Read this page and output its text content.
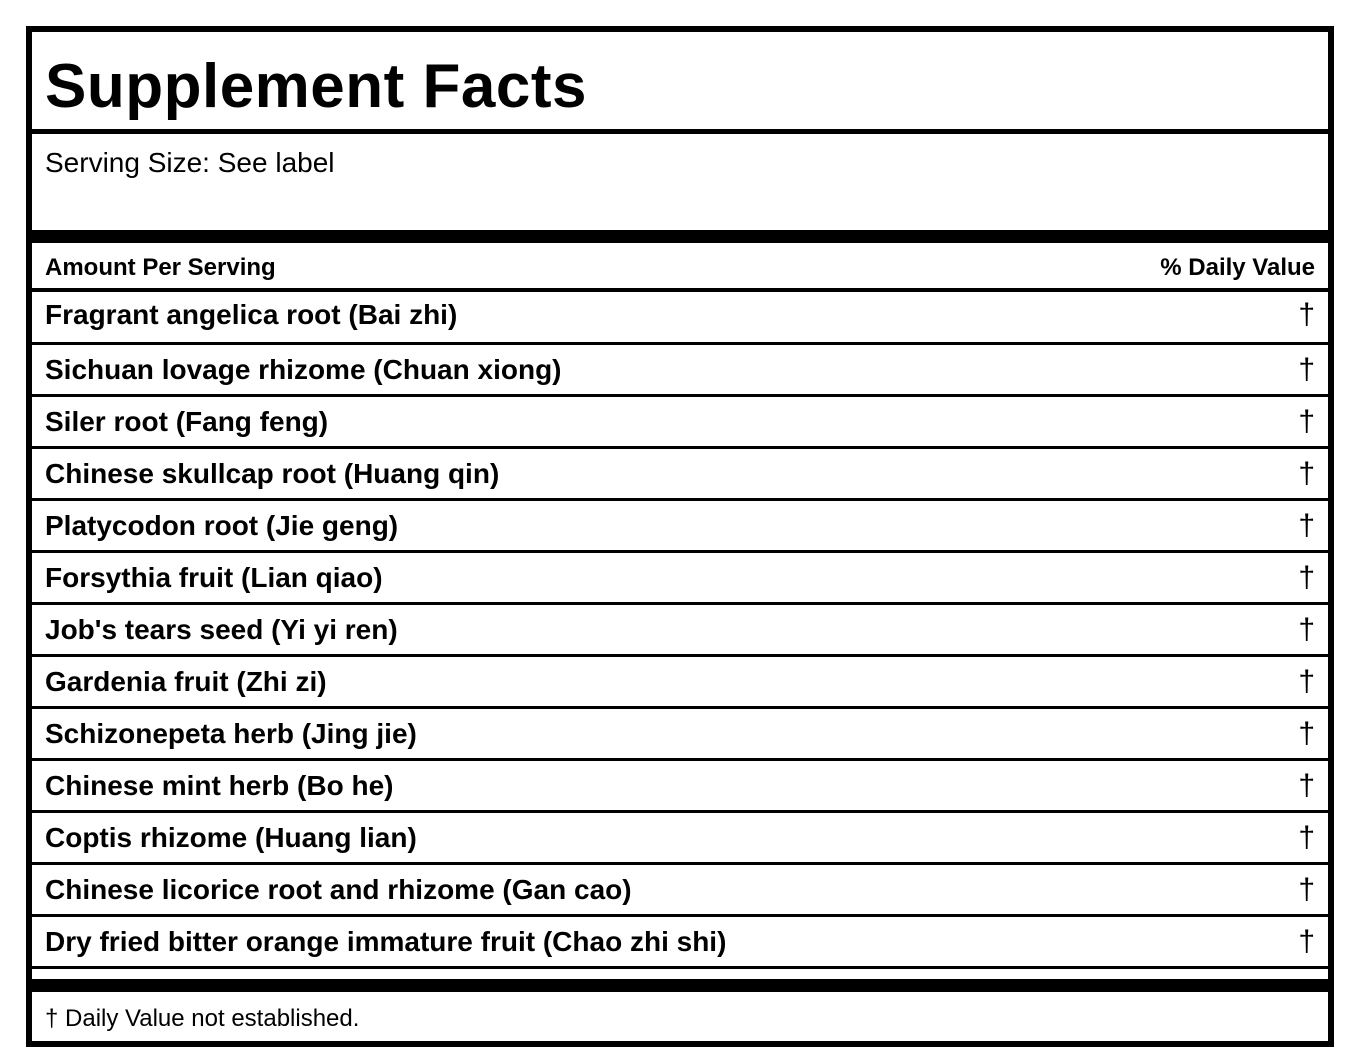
Supplement Facts
Serving Size: See label
Amount Per Serving	% Daily Value
Fragrant angelica root (Bai zhi)	†
Sichuan lovage rhizome (Chuan xiong)	†
Siler root (Fang feng)	†
Chinese skullcap root (Huang qin)	†
Platycodon root (Jie geng)	†
Forsythia fruit (Lian qiao)	†
Job's tears seed (Yi yi ren)	†
Gardenia fruit (Zhi zi)	†
Schizonepeta herb (Jing jie)	†
Chinese mint herb (Bo he)	†
Coptis rhizome (Huang lian)	†
Chinese licorice root and rhizome (Gan cao)	†
Dry fried bitter orange immature fruit (Chao zhi shi)	†
† Daily Value not established.
